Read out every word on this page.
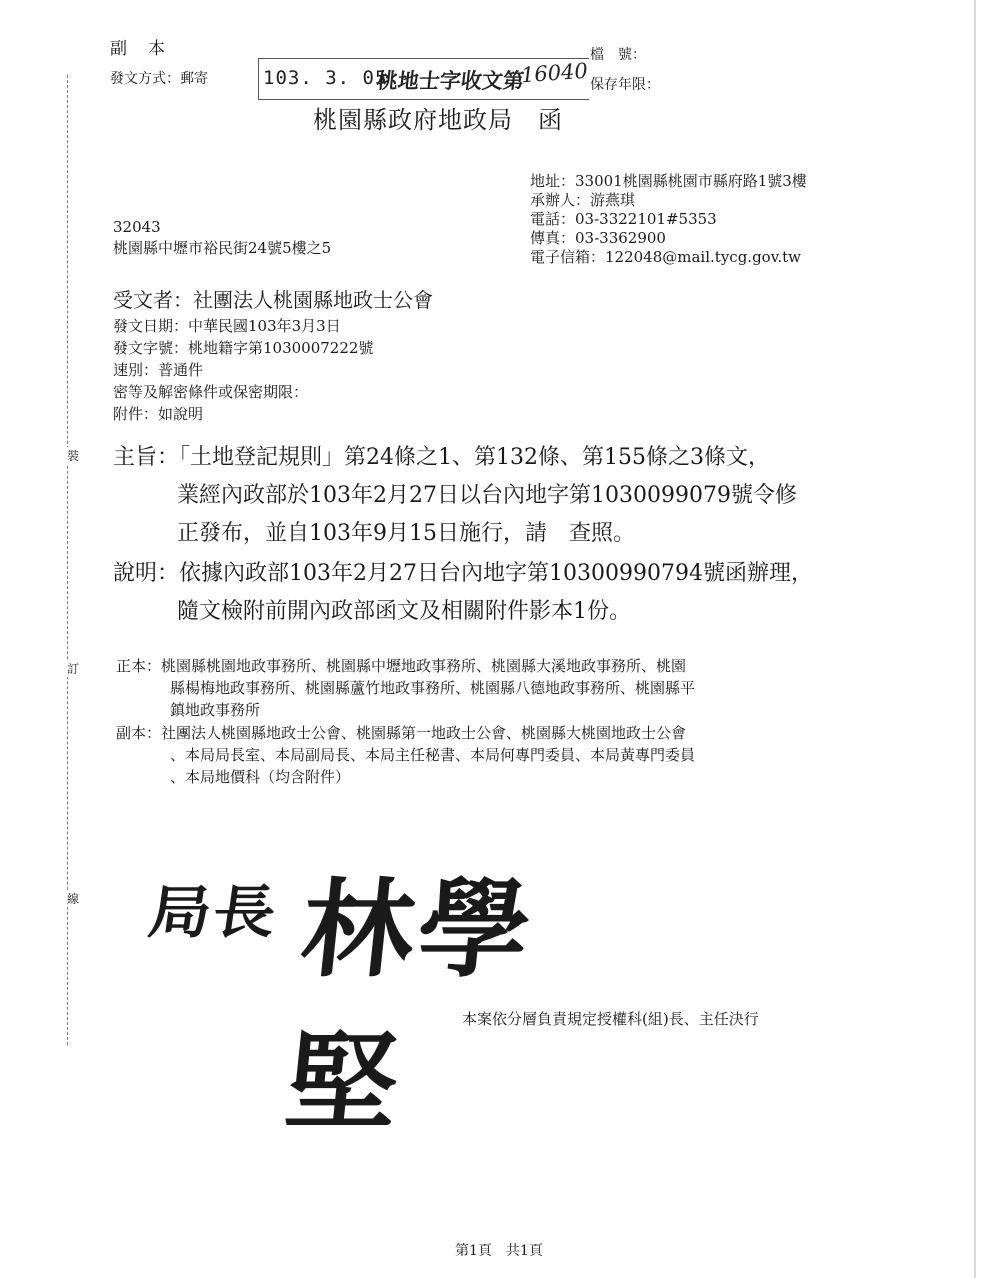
裝
訂
線
副　本
發文方式：郵寄
檔　號：
保存年限：
103. 3. 05
桃地士字收文第
16040
桃園縣政府地政局　函
地址：33001桃園縣桃園市縣府路1號3樓
承辦人：游燕琪
電話：03-3322101#5353
傳真：03-3362900
電子信箱：122048@mail.tycg.gov.tw
32043
桃園縣中壢市裕民街24號5樓之5
受文者：社團法人桃園縣地政士公會
發文日期：中華民國103年3月3日
發文字號：桃地籍字第1030007222號
速別：普通件
密等及解密條件或保密期限：
附件：如說明
主旨：「土地登記規則」第24條之1、第132條、第155條之3條文，
業經內政部於103年2月27日以台內地字第1030099079號令修
正發布，並自103年9月15日施行，請　查照。
說明：依據內政部103年2月27日台內地字第10300990794號函辦理，
隨文檢附前開內政部函文及相關附件影本1份。
正本：桃園縣桃園地政事務所、桃園縣中壢地政事務所、桃園縣大溪地政事務所、桃園
縣楊梅地政事務所、桃園縣蘆竹地政事務所、桃園縣八德地政事務所、桃園縣平
鎮地政事務所
副本：社團法人桃園縣地政士公會、桃園縣第一地政士公會、桃園縣大桃園地政士公會
、本局局長室、本局副局長、本局主任秘書、本局何專門委員、本局黃專門委員
、本局地價科（均含附件）
局長 林學堅
本案依分層負責規定授權科(組)長、主任決行
第1頁　共1頁
